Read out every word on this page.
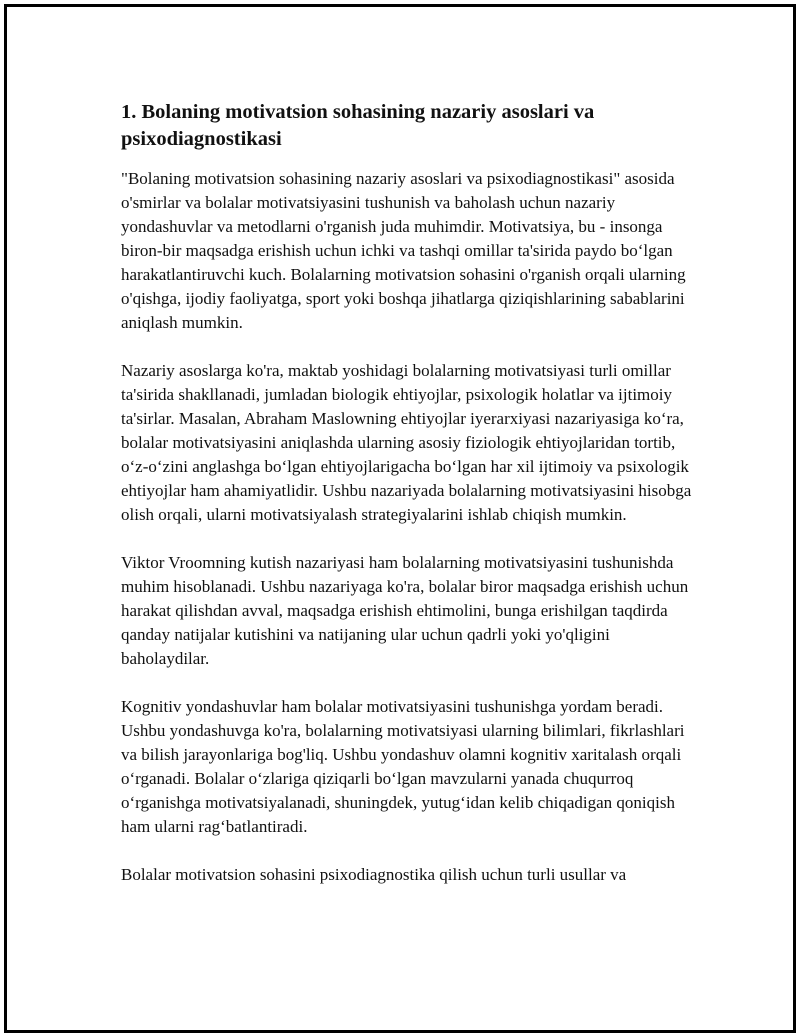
1. Bolaning motivatsion sohasining nazariy asoslari va psixodiagnostikasi

"Bolaning motivatsion sohasining nazariy asoslari va psixodiagnostikasi" asosida o'smirlar va bolalar motivatsiyasini tushunish va baholash uchun nazariy yondashuvlar va metodlarni o'rganish juda muhimdir. Motivatsiya, bu - insonga biron-bir maqsadga erishish uchun ichki va tashqi omillar ta'sirida paydo bo‘lgan harakatlantiruvchi kuch. Bolalarning motivatsion sohasini o'rganish orqali ularning o'qishga, ijodiy faoliyatga, sport yoki boshqa jihatlarga qiziqishlarining sabablarini aniqlash mumkin.

Nazariy asoslarga ko'ra, maktab yoshidagi bolalarning motivatsiyasi turli omillar ta'sirida shakllanadi, jumladan biologik ehtiyojlar, psixologik holatlar va ijtimoiy ta'sirlar. Masalan, Abraham Maslowning ehtiyojlar iyerarxiyasi nazariyasiga ko‘ra, bolalar motivatsiyasini aniqlashda ularning asosiy fiziologik ehtiyojlaridan tortib, o‘z-o‘zini anglashga bo‘lgan ehtiyojlarigacha bo‘lgan har xil ijtimoiy va psixologik ehtiyojlar ham ahamiyatlidir. Ushbu nazariyada bolalarning motivatsiyasini hisobga olish orqali, ularni motivatsiyalash strategiyalarini ishlab chiqish mumkin.

Viktor Vroomning kutish nazariyasi ham bolalarning motivatsiyasini tushunishda muhim hisoblanadi. Ushbu nazariyaga ko'ra, bolalar biror maqsadga erishish uchun harakat qilishdan avval, maqsadga erishish ehtimolini, bunga erishilgan taqdirda qanday natijalar kutishini va natijaning ular uchun qadrli yoki yo'qligini baholaydilar.

Kognitiv yondashuvlar ham bolalar motivatsiyasini tushunishga yordam beradi. Ushbu yondashuvga ko'ra, bolalarning motivatsiyasi ularning bilimlari, fikrlashlari va bilish jarayonlariga bog'liq. Ushbu yondashuv olamni kognitiv xaritalash orqali o‘rganadi. Bolalar o‘zlariga qiziqarli bo‘lgan mavzularni yanada chuqurroq o‘rganishga motivatsiyalanadi, shuningdek, yutug‘idan kelib chiqadigan qoniqish ham ularni rag‘batlantiradi.

Bolalar motivatsion sohasini psixodiagnostika qilish uchun turli usullar va
